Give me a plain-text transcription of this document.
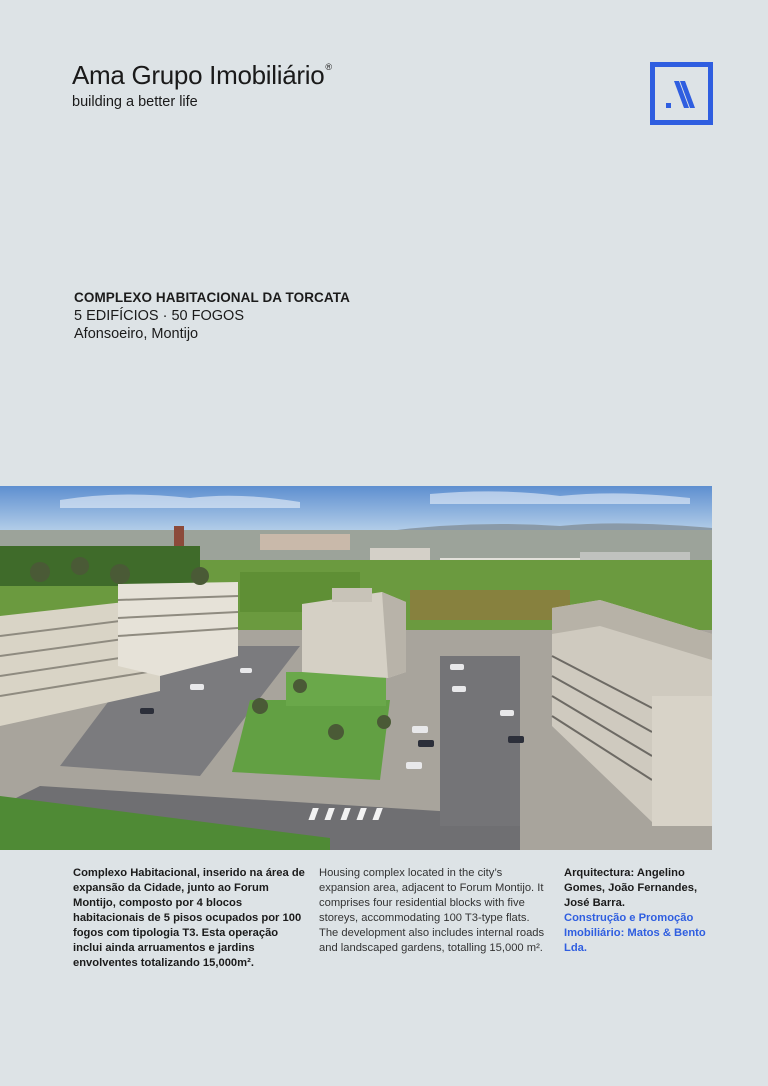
Ama Grupo Imobiliário®
building a better life
COMPLEXO HABITACIONAL DA TORCATA
5 EDIFÍCIOS · 50 FOGOS
Afonsoeiro, Montijo
Complexo Habitacional, inserido na área de expansão da Cidade, junto ao Forum Montijo, composto por 4 blocos habitacionais de 5 pisos ocupados por 100 fogos com tipologia T3. Esta operação inclui ainda arruamentos e jardins envolventes totalizando 15,000m².
Housing complex located in the city’s expansion area, adjacent to Forum Montijo. It comprises four residential blocks with five storeys, accommodating 100 T3-type flats. The development also includes internal roads and landscaped gardens, totalling 15,000 m².
Arquitectura: Angelino Gomes, João Fernandes, José Barra.
Construção e Promoção Imobiliário: Matos & Bento Lda.
